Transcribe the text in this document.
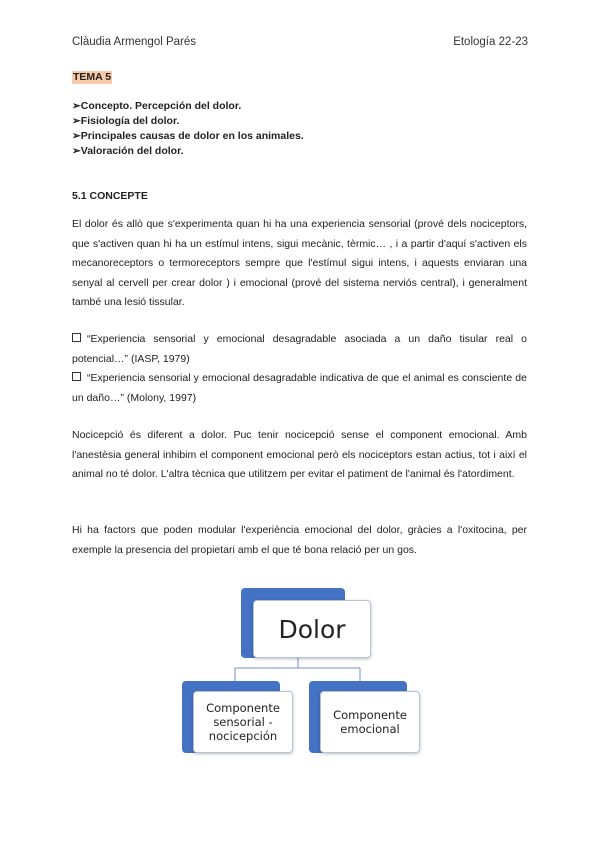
Clàudia Armengol Parés	Etología 22-23
TEMA 5
➢Concepto. Percepción del dolor.
➢Fisiología del dolor.
➢Principales causas de dolor en los animales.
➢Valoración del dolor.
5.1 CONCEPTE
El dolor és allò que s'experimenta quan hi ha una experiencia sensorial (prové dels nociceptors, que s'activen quan hi ha un estímul intens, sigui mecànic, tèrmic… , i a partir d'aquí s'activen els mecanoreceptors o termoreceptors sempre que l'estímul sigui intens, i aquests enviaran una senyal al cervell per crear dolor ) i emocional (prové del sistema nerviós central), i generalment també una lesió tissular.
“Experiencia sensorial y emocional desagradable asociada a un daño tisular real o potencial…” (IASP, 1979)
“Experiencia sensorial y emocional desagradable indicativa de que el animal es consciente de un daño…” (Molony, 1997)
Nocicepció és diferent a dolor. Puc tenir nocicepció sense el component emocional. Amb l'anestèsia general inhibim el component emocional però els nociceptors estan actius, tot i així el animal no té dolor. L'altra tècnica que utilitzem per evitar el patiment de l'animal és l'atordiment.
Hi ha factors que poden modular l'experiència emocional del dolor, gràcies a l'oxitocina, per exemple la presencia del propietari amb el que té bona relació per un gos.
Dolor
Componente sensorial - nocicepción
Componente emocional
